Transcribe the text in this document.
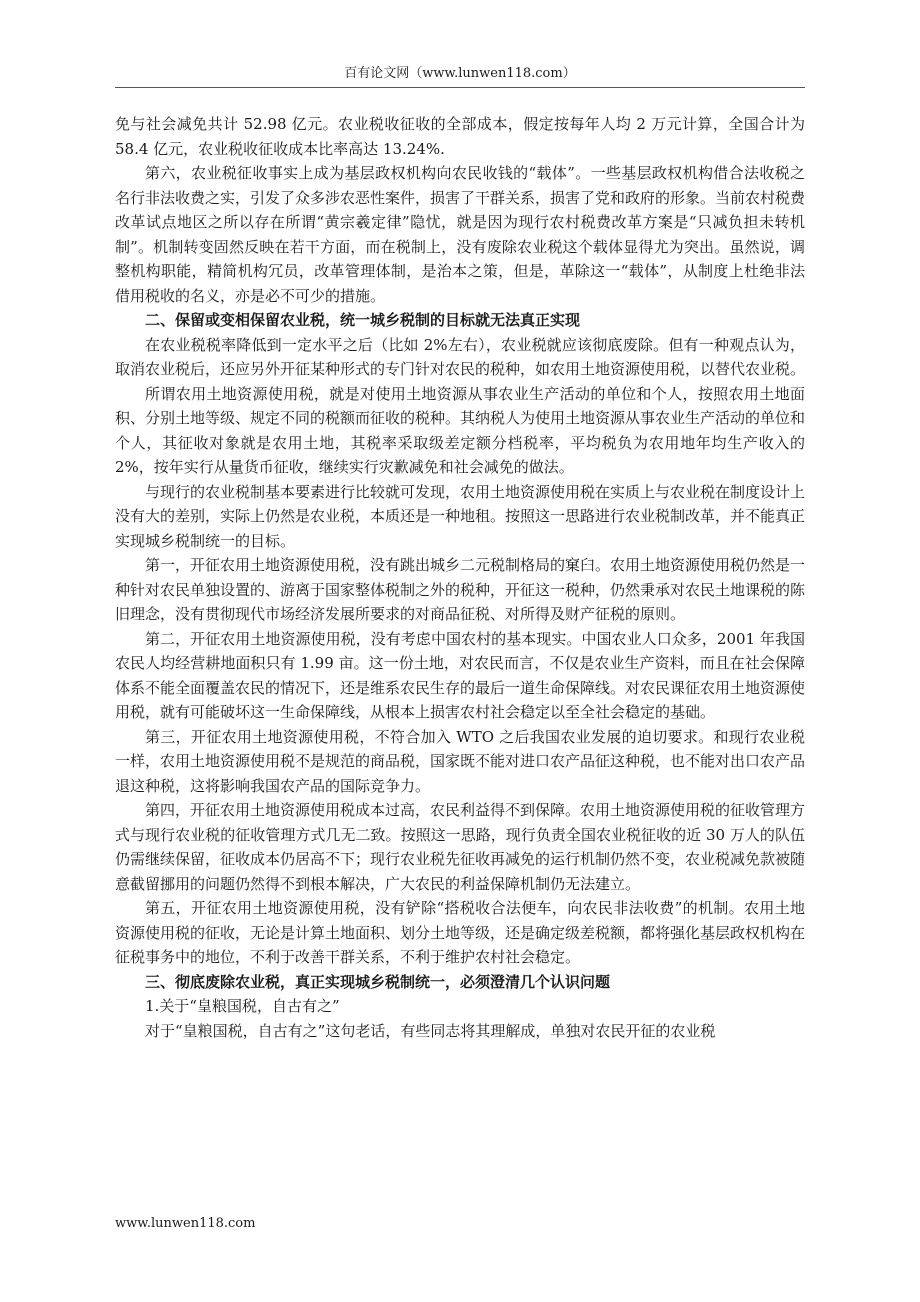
百有论文网（www.lunwen118.com）

免与社会减免共计 52.98 亿元。农业税收征收的全部成本，假定按每年人均 2 万元计算，全国合计为 58.4 亿元，农业税收征收成本比率高达 13.24%.

第六，农业税征收事实上成为基层政权机构向农民收钱的“载体”。一些基层政权机构借合法收税之名行非法收费之实，引发了众多涉农恶性案件，损害了干群关系，损害了党和政府的形象。当前农村税费改革试点地区之所以存在所谓“黄宗羲定律”隐忧，就是因为现行农村税费改革方案是“只减负担未转机制”。机制转变固然反映在若干方面，而在税制上，没有废除农业税这个载体显得尤为突出。虽然说，调整机构职能，精简机构冗员，改革管理体制，是治本之策，但是，革除这一“载体”，从制度上杜绝非法借用税收的名义，亦是必不可少的措施。

二、保留或变相保留农业税，统一城乡税制的目标就无法真正实现

在农业税税率降低到一定水平之后（比如 2%左右），农业税就应该彻底废除。但有一种观点认为，取消农业税后，还应另外开征某种形式的专门针对农民的税种，如农用土地资源使用税，以替代农业税。

所谓农用土地资源使用税，就是对使用土地资源从事农业生产活动的单位和个人，按照农用土地面积、分别土地等级、规定不同的税额而征收的税种。其纳税人为使用土地资源从事农业生产活动的单位和个人，其征收对象就是农用土地，其税率采取级差定额分档税率，平均税负为农用地年均生产收入的 2%，按年实行从量货币征收，继续实行灾歉减免和社会减免的做法。

与现行的农业税制基本要素进行比较就可发现，农用土地资源使用税在实质上与农业税在制度设计上没有大的差别，实际上仍然是农业税，本质还是一种地租。按照这一思路进行农业税制改革，并不能真正实现城乡税制统一的目标。

第一，开征农用土地资源使用税，没有跳出城乡二元税制格局的窠臼。农用土地资源使用税仍然是一种针对农民单独设置的、游离于国家整体税制之外的税种，开征这一税种，仍然秉承对农民土地课税的陈旧理念，没有贯彻现代市场经济发展所要求的对商品征税、对所得及财产征税的原则。

第二，开征农用土地资源使用税，没有考虑中国农村的基本现实。中国农业人口众多，2001 年我国农民人均经营耕地面积只有 1.99 亩。这一份土地，对农民而言，不仅是农业生产资料，而且在社会保障体系不能全面覆盖农民的情况下，还是维系农民生存的最后一道生命保障线。对农民课征农用土地资源使用税，就有可能破坏这一生命保障线，从根本上损害农村社会稳定以至全社会稳定的基础。

第三，开征农用土地资源使用税，不符合加入 WTO 之后我国农业发展的迫切要求。和现行农业税一样，农用土地资源使用税不是规范的商品税，国家既不能对进口农产品征这种税，也不能对出口农产品退这种税，这将影响我国农产品的国际竞争力。

第四，开征农用土地资源使用税成本过高，农民利益得不到保障。农用土地资源使用税的征收管理方式与现行农业税的征收管理方式几无二致。按照这一思路，现行负责全国农业税征收的近 30 万人的队伍仍需继续保留，征收成本仍居高不下；现行农业税先征收再减免的运行机制仍然不变，农业税减免款被随意截留挪用的问题仍然得不到根本解决，广大农民的利益保障机制仍无法建立。

第五，开征农用土地资源使用税，没有铲除“搭税收合法便车，向农民非法收费”的机制。农用土地资源使用税的征收，无论是计算土地面积、划分土地等级，还是确定级差税额，都将强化基层政权机构在征税事务中的地位，不利于改善干群关系，不利于维护农村社会稳定。

三、彻底废除农业税，真正实现城乡税制统一，必须澄清几个认识问题

1.关于“皇粮国税，自古有之”

对于“皇粮国税，自古有之”这句老话，有些同志将其理解成，单独对农民开征的农业税

www.lunwen118.com
